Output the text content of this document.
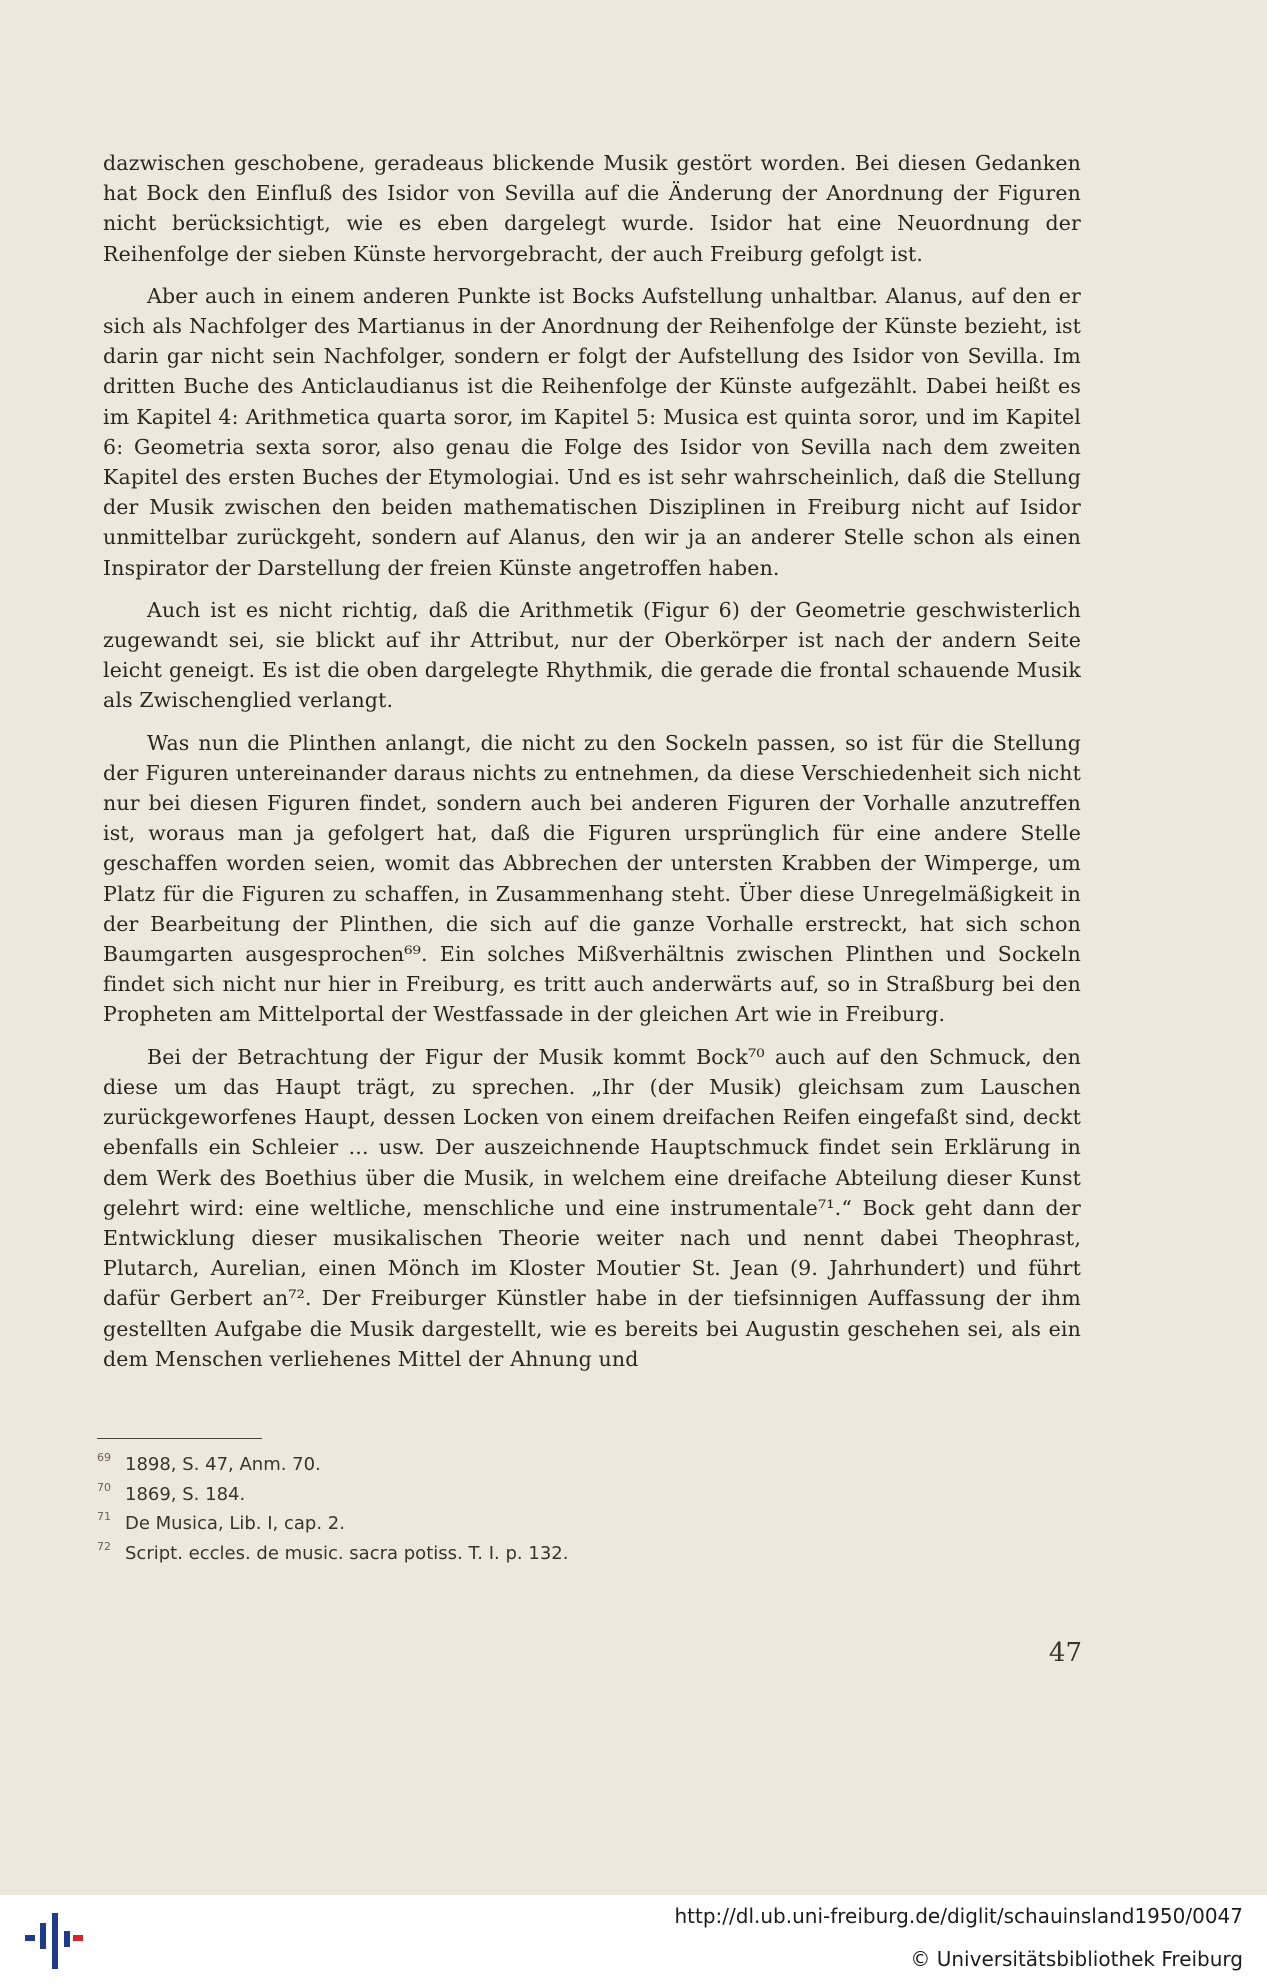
dazwischen geschobene, geradeaus blickende Musik gestört worden. Bei diesen Gedanken hat Bock den Einfluß des Isidor von Sevilla auf die Änderung der Anordnung der Figuren nicht berücksichtigt, wie es eben dargelegt wurde. Isidor hat eine Neuordnung der Reihenfolge der sieben Künste hervorgebracht, der auch Freiburg gefolgt ist.

Aber auch in einem anderen Punkte ist Bocks Aufstellung unhaltbar. Alanus, auf den er sich als Nachfolger des Martianus in der Anordnung der Reihenfolge der Künste bezieht, ist darin gar nicht sein Nachfolger, sondern er folgt der Aufstellung des Isidor von Sevilla. Im dritten Buche des Anticlaudianus ist die Reihenfolge der Künste aufgezählt. Dabei heißt es im Kapitel 4: Arithmetica quarta soror, im Kapitel 5: Musica est quinta soror, und im Kapitel 6: Geometria sexta soror, also genau die Folge des Isidor von Sevilla nach dem zweiten Kapitel des ersten Buches der Etymologiai. Und es ist sehr wahrscheinlich, daß die Stellung der Musik zwischen den beiden mathematischen Disziplinen in Freiburg nicht auf Isidor unmittelbar zurückgeht, sondern auf Alanus, den wir ja an anderer Stelle schon als einen Inspirator der Darstellung der freien Künste angetroffen haben.

Auch ist es nicht richtig, daß die Arithmetik (Figur 6) der Geometrie geschwisterlich zugewandt sei, sie blickt auf ihr Attribut, nur der Oberkörper ist nach der andern Seite leicht geneigt. Es ist die oben dargelegte Rhythmik, die gerade die frontal schauende Musik als Zwischenglied verlangt.

Was nun die Plinthen anlangt, die nicht zu den Sockeln passen, so ist für die Stellung der Figuren untereinander daraus nichts zu entnehmen, da diese Verschiedenheit sich nicht nur bei diesen Figuren findet, sondern auch bei anderen Figuren der Vorhalle anzutreffen ist, woraus man ja gefolgert hat, daß die Figuren ursprünglich für eine andere Stelle geschaffen worden seien, womit das Abbrechen der untersten Krabben der Wimperge, um Platz für die Figuren zu schaffen, in Zusammenhang steht. Über diese Unregelmäßigkeit in der Bearbeitung der Plinthen, die sich auf die ganze Vorhalle erstreckt, hat sich schon Baumgarten ausgesprochen⁶⁹. Ein solches Mißverhältnis zwischen Plinthen und Sockeln findet sich nicht nur hier in Freiburg, es tritt auch anderwärts auf, so in Straßburg bei den Propheten am Mittelportal der Westfassade in der gleichen Art wie in Freiburg.

Bei der Betrachtung der Figur der Musik kommt Bock⁷⁰ auch auf den Schmuck, den diese um das Haupt trägt, zu sprechen. „Ihr (der Musik) gleichsam zum Lauschen zurückgeworfenes Haupt, dessen Locken von einem dreifachen Reifen eingefaßt sind, deckt ebenfalls ein Schleier ... usw. Der auszeichnende Hauptschmuck findet sein Erklärung in dem Werk des Boethius über die Musik, in welchem eine dreifache Abteilung dieser Kunst gelehrt wird: eine weltliche, menschliche und eine instrumentale⁷¹.“ Bock geht dann der Entwicklung dieser musikalischen Theorie weiter nach und nennt dabei Theophrast, Plutarch, Aurelian, einen Mönch im Kloster Moutier St. Jean (9. Jahrhundert) und führt dafür Gerbert an⁷². Der Freiburger Künstler habe in der tiefsinnigen Auffassung der ihm gestellten Aufgabe die Musik dargestellt, wie es bereits bei Augustin geschehen sei, als ein dem Menschen verliehenes Mittel der Ahnung und

69 1898, S. 47, Anm. 70.
70 1869, S. 184.
71 De Musica, Lib. I, cap. 2.
72 Script. eccles. de music. sacra potiss. T. I. p. 132.
47
http://dl.ub.uni-freiburg.de/diglit/schauinsland1950/0047
© Universitätsbibliothek Freiburg
